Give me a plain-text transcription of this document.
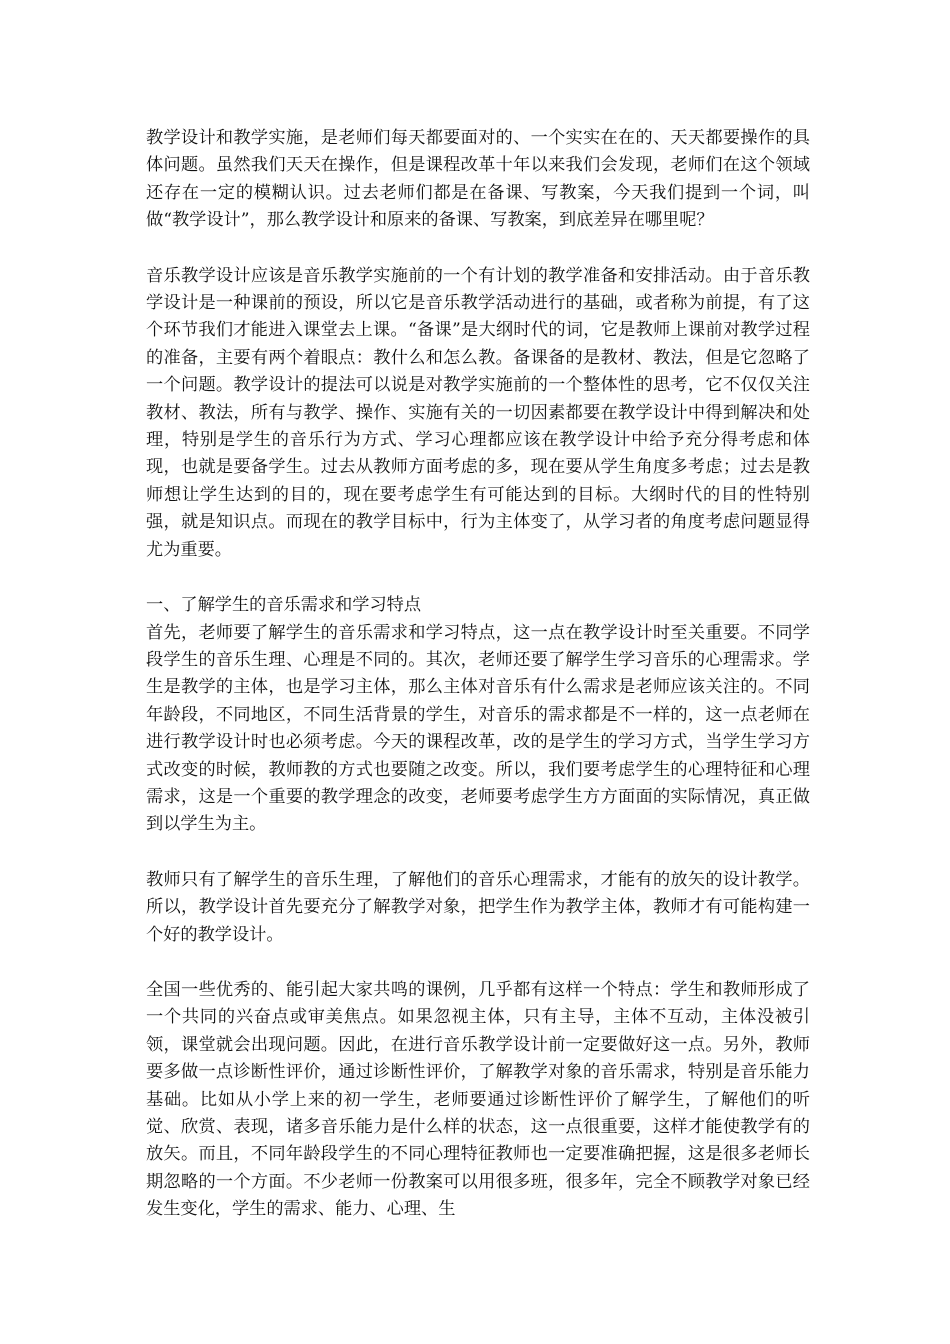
教学设计和教学实施，是老师们每天都要面对的、一个实实在在的、天天都要操作的具体问题。虽然我们天天在操作，但是课程改革十年以来我们会发现，老师们在这个领域还存在一定的模糊认识。过去老师们都是在备课、写教案，今天我们提到一个词，叫做“教学设计”，那么教学设计和原来的备课、写教案，到底差异在哪里呢？

音乐教学设计应该是音乐教学实施前的一个有计划的教学准备和安排活动。由于音乐教学设计是一种课前的预设，所以它是音乐教学活动进行的基础，或者称为前提，有了这个环节我们才能进入课堂去上课。“备课”是大纲时代的词，它是教师上课前对教学过程的准备，主要有两个着眼点：教什么和怎么教。备课备的是教材、教法，但是它忽略了一个问题。教学设计的提法可以说是对教学实施前的一个整体性的思考，它不仅仅关注教材、教法，所有与教学、操作、实施有关的一切因素都要在教学设计中得到解决和处理，特别是学生的音乐行为方式、学习心理都应该在教学设计中给予充分得考虑和体现，也就是要备学生。过去从教师方面考虑的多，现在要从学生角度多考虑；过去是教师想让学生达到的目的，现在要考虑学生有可能达到的目标。大纲时代的目的性特别强，就是知识点。而现在的教学目标中，行为主体变了，从学习者的角度考虑问题显得尤为重要。

一、了解学生的音乐需求和学习特点

首先，老师要了解学生的音乐需求和学习特点，这一点在教学设计时至关重要。不同学段学生的音乐生理、心理是不同的。其次，老师还要了解学生学习音乐的心理需求。学生是教学的主体，也是学习主体，那么主体对音乐有什么需求是老师应该关注的。不同年龄段，不同地区，不同生活背景的学生，对音乐的需求都是不一样的，这一点老师在进行教学设计时也必须考虑。今天的课程改革，改的是学生的学习方式，当学生学习方式改变的时候，教师教的方式也要随之改变。所以，我们要考虑学生的心理特征和心理需求，这是一个重要的教学理念的改变，老师要考虑学生方方面面的实际情况，真正做到以学生为主。

教师只有了解学生的音乐生理，了解他们的音乐心理需求，才能有的放矢的设计教学。所以，教学设计首先要充分了解教学对象，把学生作为教学主体，教师才有可能构建一个好的教学设计。

全国一些优秀的、能引起大家共鸣的课例，几乎都有这样一个特点：学生和教师形成了一个共同的兴奋点或审美焦点。如果忽视主体，只有主导，主体不互动，主体没被引领，课堂就会出现问题。因此，在进行音乐教学设计前一定要做好这一点。另外，教师要多做一点诊断性评价，通过诊断性评价，了解教学对象的音乐需求，特别是音乐能力基础。比如从小学上来的初一学生，老师要通过诊断性评价了解学生，了解他们的听觉、欣赏、表现，诸多音乐能力是什么样的状态，这一点很重要，这样才能使教学有的放矢。而且，不同年龄段学生的不同心理特征教师也一定要准确把握，这是很多老师长期忽略的一个方面。不少老师一份教案可以用很多班，很多年，完全不顾教学对象已经发生变化，学生的需求、能力、心理、生
